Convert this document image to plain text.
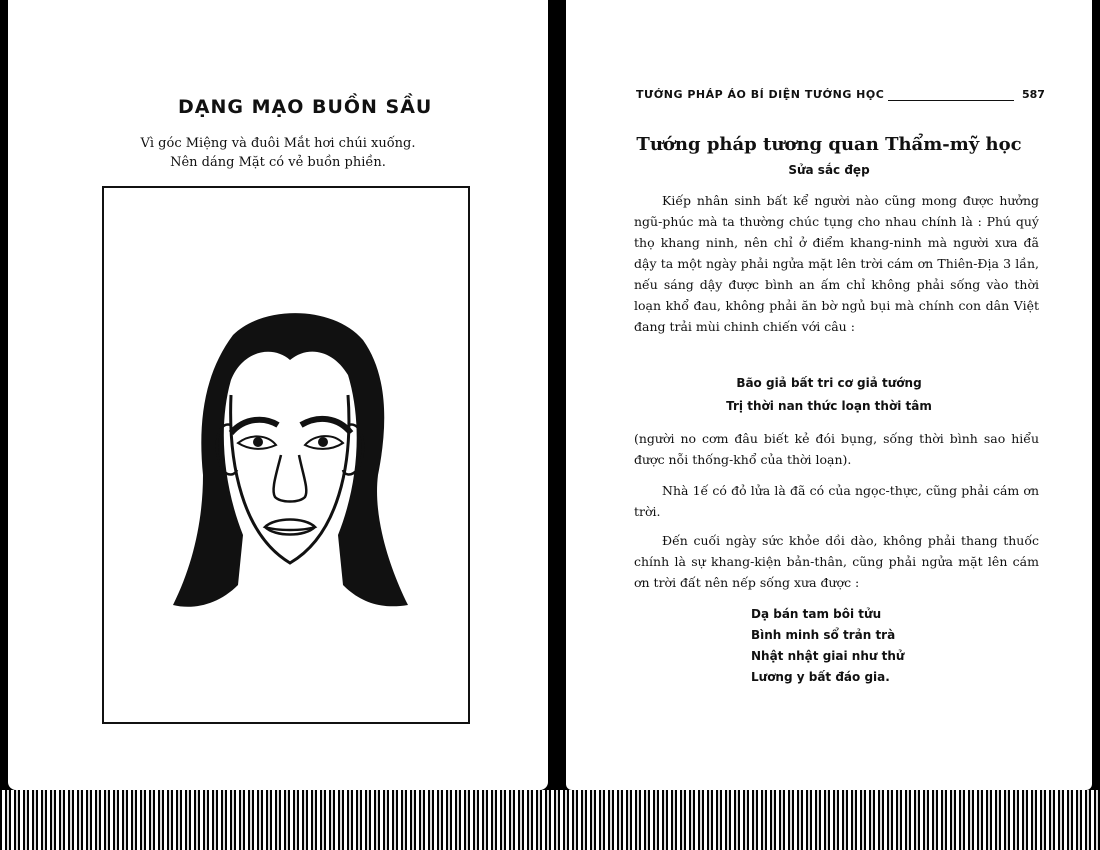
DẠNG MẠO BUỒN SẦU
Vì góc Miệng và đuôi Mắt hơi chúi xuống.
Nên dáng Mặt có vẻ buồn phiền.
TƯỚNG PHÁP ÁO BÍ DIỆN TƯỚNG HỌC	587
Tướng pháp tương quan Thẩm-mỹ học
Sửa sắc đẹp
Kiếp nhân sinh bất kể người nào cũng mong được hưởng ngũ-phúc mà ta thường chúc tụng cho nhau chính là : Phú quý thọ khang ninh, nên chỉ ở điểm khang-ninh mà người xưa đã dậy ta một ngày phải ngửa mặt lên trời cám ơn Thiên-Địa 3 lần, nếu sáng dậy được bình an ấm chỉ không phải sống vào thời loạn khổ đau, không phải ăn bờ ngủ bụi mà chính con dân Việt đang trải mùi chinh chiến với câu :
Bão giả bất tri cơ giả tướng
Trị thời nan thức loạn thời tâm
(người no cơm đâu biết kẻ đói bụng, sống thời bình sao hiểu được nỗi thống-khổ của thời loạn).
Nhà 1ế có đỏ lửa là đã có của ngọc-thực, cũng phải cám ơn trời.
Đến cuối ngày sức khỏe dồi dào, không phải thang thuốc chính là sự khang-kiện bản-thân, cũng phải ngửa mặt lên cám ơn trời đất nên nếp sống xưa được :
Dạ bán tam bôi tửu
Bình minh sổ trản trà
Nhật nhật giai như thử
Lương y bất đáo gia.
